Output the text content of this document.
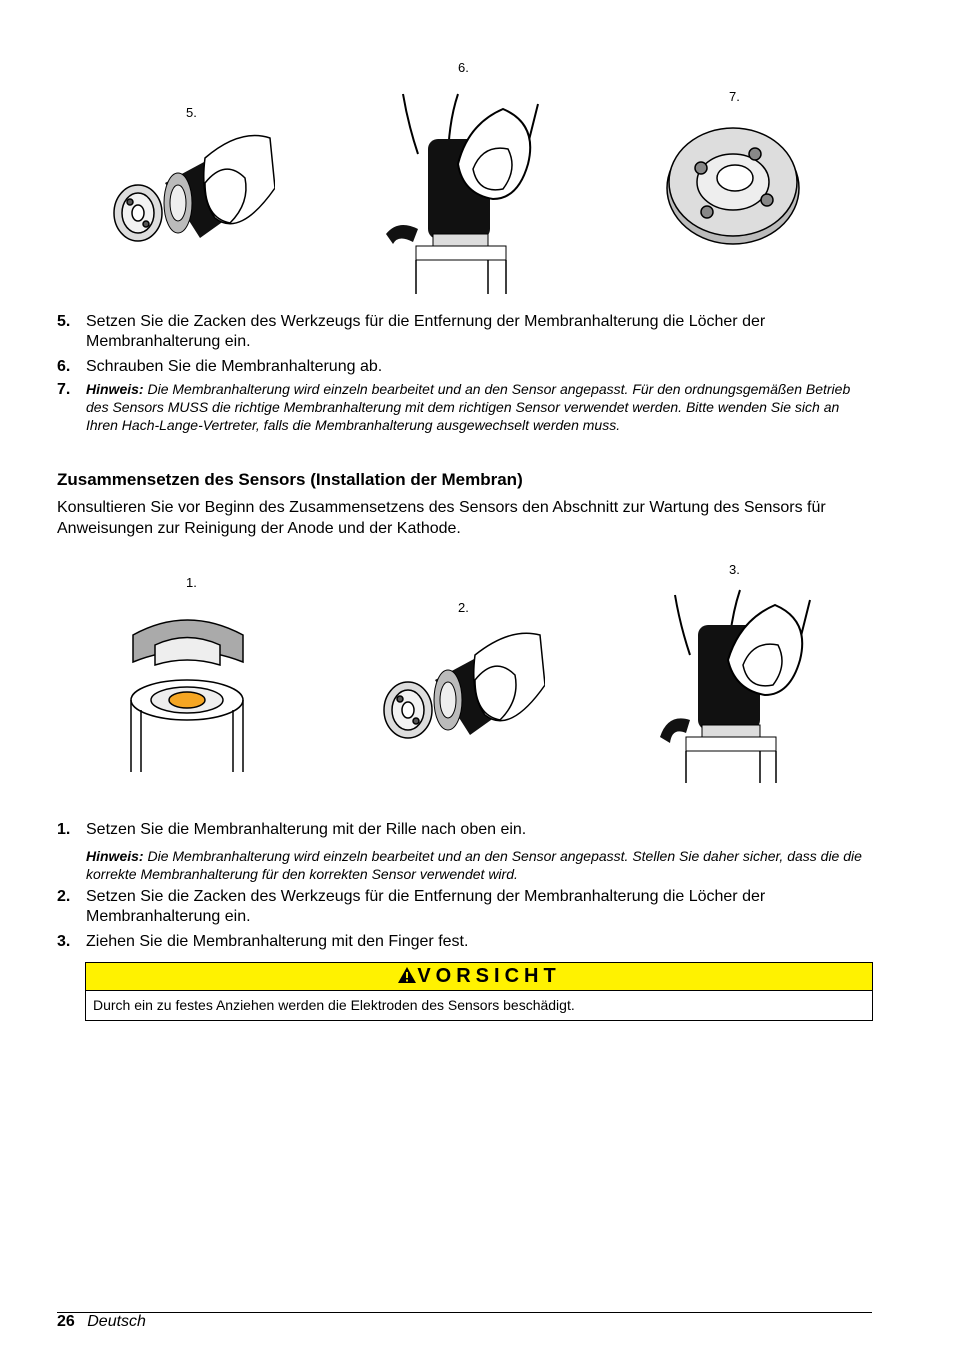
5.
6.
7.
5. Setzen Sie die Zacken des Werkzeugs für die Entfernung der Membranhalterung die Löcher der Membranhalterung ein.
6. Schrauben Sie die Membranhalterung ab.
7. Hinweis: Die Membranhalterung wird einzeln bearbeitet und an den Sensor angepasst. Für den ordnungsgemäßen Betrieb des Sensors MUSS die richtige Membranhalterung mit dem richtigen Sensor verwendet werden. Bitte wenden Sie sich an Ihren Hach-Lange-Vertreter, falls die Membranhalterung ausgewechselt werden muss.
Zusammensetzen des Sensors (Installation der Membran)

Konsultieren Sie vor Beginn des Zusammensetzens des Sensors den Abschnitt zur Wartung des Sensors für Anweisungen zur Reinigung der Anode und der Kathode.

1.
2.
3.
1. Setzen Sie die Membranhalterung mit der Rille nach oben ein.
Hinweis: Die Membranhalterung wird einzeln bearbeitet und an den Sensor angepasst. Stellen Sie daher sicher, dass die die korrekte Membranhalterung für den korrekten Sensor verwendet wird.
2. Setzen Sie die Zacken des Werkzeugs für die Entfernung der Membranhalterung die Löcher der Membranhalterung ein.
3. Ziehen Sie die Membranhalterung mit den Finger fest.
VORSICHT
Durch ein zu festes Anziehen werden die Elektroden des Sensors beschädigt.
26 Deutsch
